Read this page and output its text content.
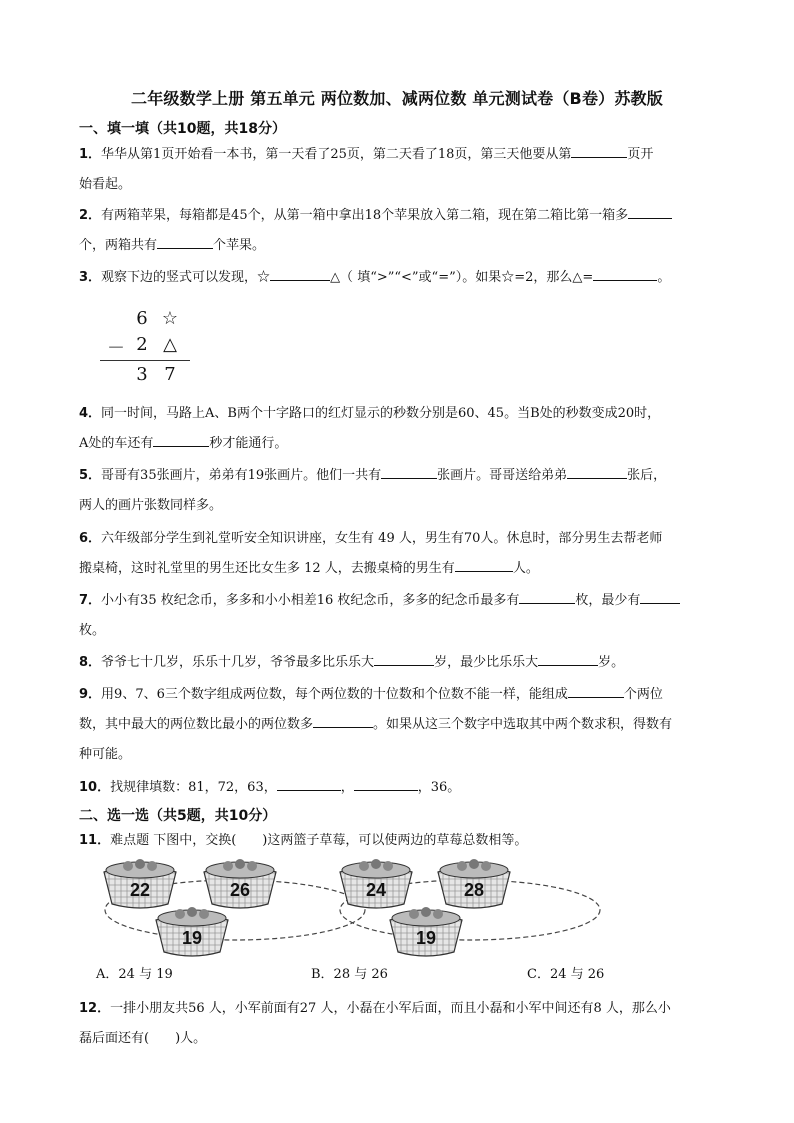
二年级数学上册 第五单元 两位数加、减两位数 单元测试卷（B卷）苏教版
一、填一填（共10题，共18分）
1．华华从第1页开始看一本书，第一天看了25页，第二天看了18页，第三天他要从第	页开
始看起。
2．有两箱苹果，每箱都是45个，从第一箱中拿出18个苹果放入第二箱，现在第二箱比第一箱多
个，两箱共有	个苹果。
3．观察下边的竖式可以发现，☆	△（ 填“>”“<”或“=”）。如果☆=2，那么△=	。
6 ☆
－ 2 △
3 7
4．同一时间，马路上A、B两个十字路口的红灯显示的秒数分别是60、45。当B处的秒数变成20时，
A处的车还有	秒才能通行。
5．哥哥有35张画片，弟弟有19张画片。他们一共有	张画片。哥哥送给弟弟	张后，
两人的画片张数同样多。
6．六年级部分学生到礼堂听安全知识讲座，女生有 49 人，男生有70人。休息时，部分男生去帮老师
搬桌椅，这时礼堂里的男生还比女生多 12 人，去搬桌椅的男生有	人。
7．小小有35 枚纪念币，多多和小小相差16 枚纪念币，多多的纪念币最多有	枚，最少有
枚。
8．爷爷七十几岁，乐乐十几岁，爷爷最多比乐乐大	岁，最少比乐乐大	岁。
9．用9、7、6三个数字组成两位数，每个两位数的十位数和个位数不能一样，能组成	个两位
数，其中最大的两位数比最小的两位数多	。如果从这三个数字中选取其中两个数求积，得数有
种可能。
10．找规律填数：81，72，63，	，	，36。
二、选一选（共5题，共10分）
11．难点题 下图中，交换(　　)这两篮子草莓，可以使两边的草莓总数相等。
22	26
19
24	28
19
A．24 与 19	B．28 与 26	C．24 与 26
12．一排小朋友共56 人，小军前面有27 人，小磊在小军后面，而且小磊和小军中间还有8 人，那么小
磊后面还有(　　)人。
